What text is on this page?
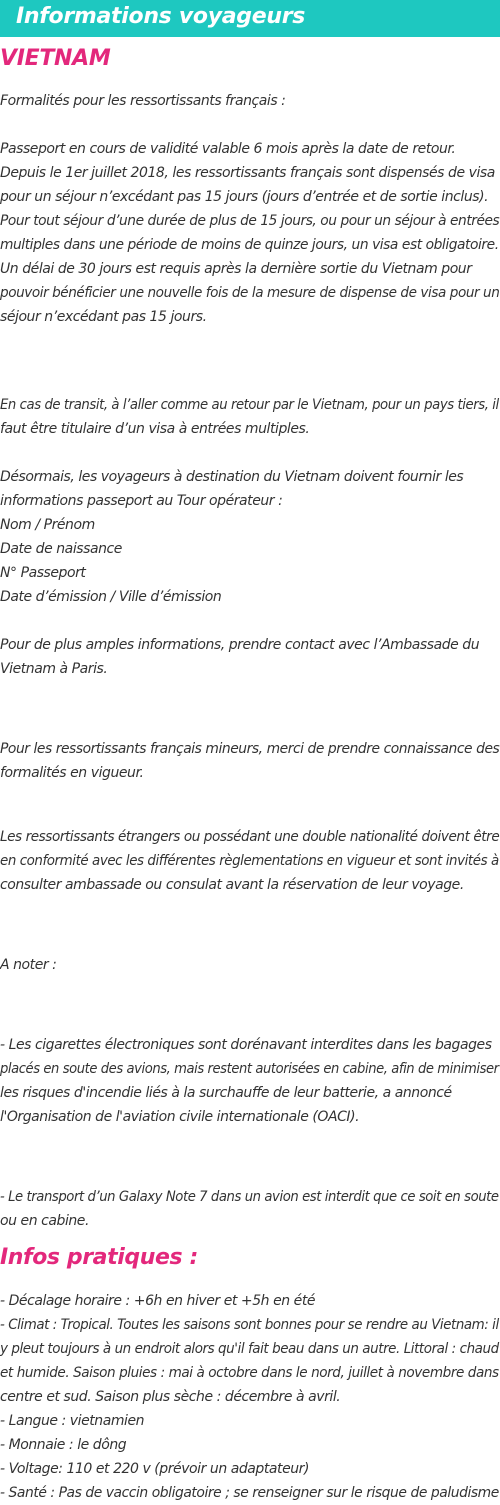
Informations voyageurs
VIETNAM
Formalités pour les ressortissants français :
Passeport en cours de validité valable 6 mois après la date de retour.
Depuis le 1er juillet 2018, les ressortissants français sont dispensés de visa
pour un séjour n’excédant pas 15 jours (jours d’entrée et de sortie inclus).
Pour tout séjour d’une durée de plus de 15 jours, ou pour un séjour à entrées
multiples dans une période de moins de quinze jours, un visa est obligatoire.
Un délai de 30 jours est requis après la dernière sortie du Vietnam pour
pouvoir bénéficier une nouvelle fois de la mesure de dispense de visa pour un
séjour n’excédant pas 15 jours.
En cas de transit, à l’aller comme au retour par le Vietnam, pour un pays tiers, il
faut être titulaire d’un visa à entrées multiples.
Désormais, les voyageurs à destination du Vietnam doivent fournir les
informations passeport au Tour opérateur :
Nom / Prénom
Date de naissance
N° Passeport
Date d’émission / Ville d’émission
Pour de plus amples informations, prendre contact avec l’Ambassade du
Vietnam à Paris.
Pour les ressortissants français mineurs, merci de prendre connaissance des
formalités en vigueur.
Les ressortissants étrangers ou possédant une double nationalité doivent être
en conformité avec les différentes règlementations en vigueur et sont invités à
consulter ambassade ou consulat avant la réservation de leur voyage.
A noter :
- Les cigarettes électroniques sont dorénavant interdites dans les bagages
placés en soute des avions, mais restent autorisées en cabine, afin de minimiser
les risques d'incendie liés à la surchauffe de leur batterie, a annoncé
l'Organisation de l'aviation civile internationale (OACI).
- Le transport d’un Galaxy Note 7 dans un avion est interdit que ce soit en soute
ou en cabine.
Infos pratiques :
- Décalage horaire : +6h en hiver et +5h en été
- Climat : Tropical. Toutes les saisons sont bonnes pour se rendre au Vietnam: il
y pleut toujours à un endroit alors qu'il fait beau dans un autre. Littoral : chaud
et humide. Saison pluies : mai à octobre dans le nord, juillet à novembre dans
centre et sud. Saison plus sèche : décembre à avril.
- Langue : vietnamien
- Monnaie : le dông
- Voltage: 110 et 220 v (prévoir un adaptateur)
- Santé : Pas de vaccin obligatoire ; se renseigner sur le risque de paludisme
